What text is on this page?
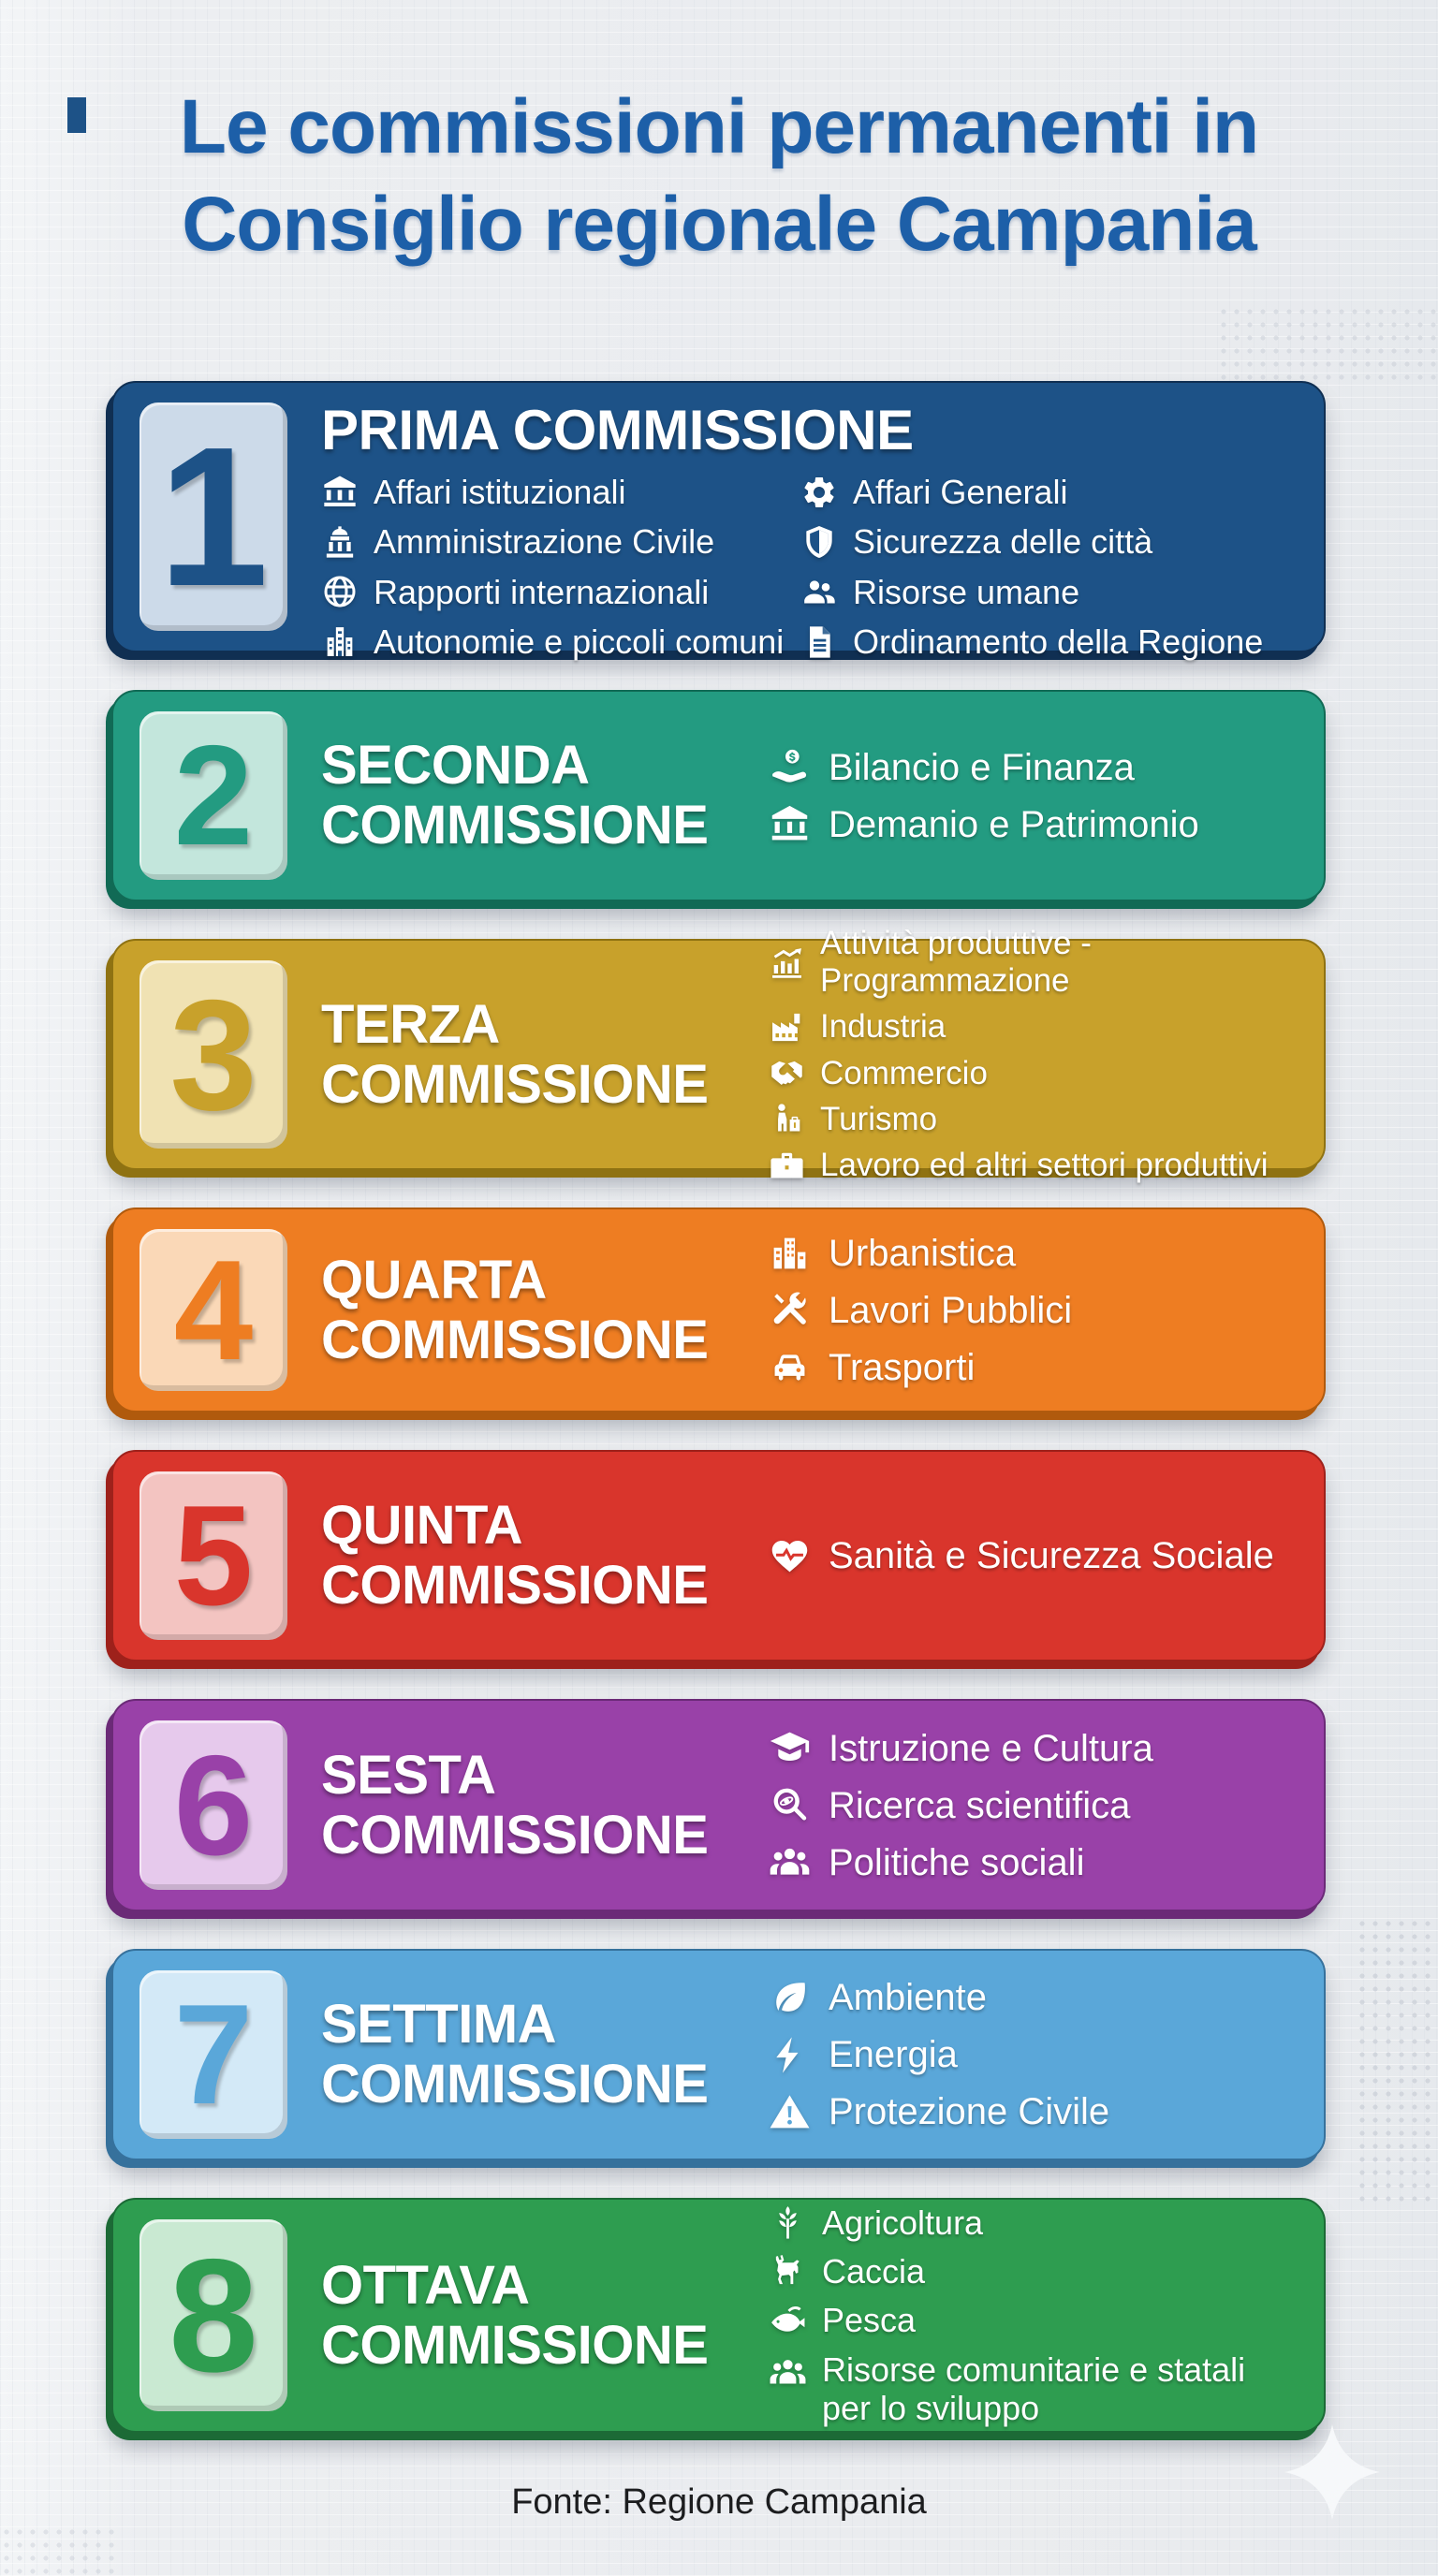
Le commissioni permanenti in
Consiglio regionale Campania
1 PRIMA COMMISSIONE
Affari istituzionali
Amministrazione Civile
Rapporti internazionali
Autonomie e piccoli comuni
Affari Generali
Sicurezza delle città
Risorse umane
Ordinamento della Regione
2 SECONDA COMMISSIONE
Bilancio e Finanza
Demanio e Patrimonio
3 TERZA COMMISSIONE
Attività produttive - Programmazione
Industria
Commercio
Turismo
Lavoro ed altri settori produttivi
4 QUARTA COMMISSIONE
Urbanistica
Lavori Pubblici
Trasporti
5 QUINTA COMMISSIONE	Sanità e Sicurezza Sociale
6 SESTA COMMISSIONE
Istruzione e Cultura
Ricerca scientifica
Politiche sociali
7 SETTIMA COMMISSIONE
Ambiente
Energia
Protezione Civile
8 OTTAVA COMMISSIONE
Agricoltura
Caccia
Pesca
Risorse comunitarie e statali per lo sviluppo
Fonte: Regione Campania
